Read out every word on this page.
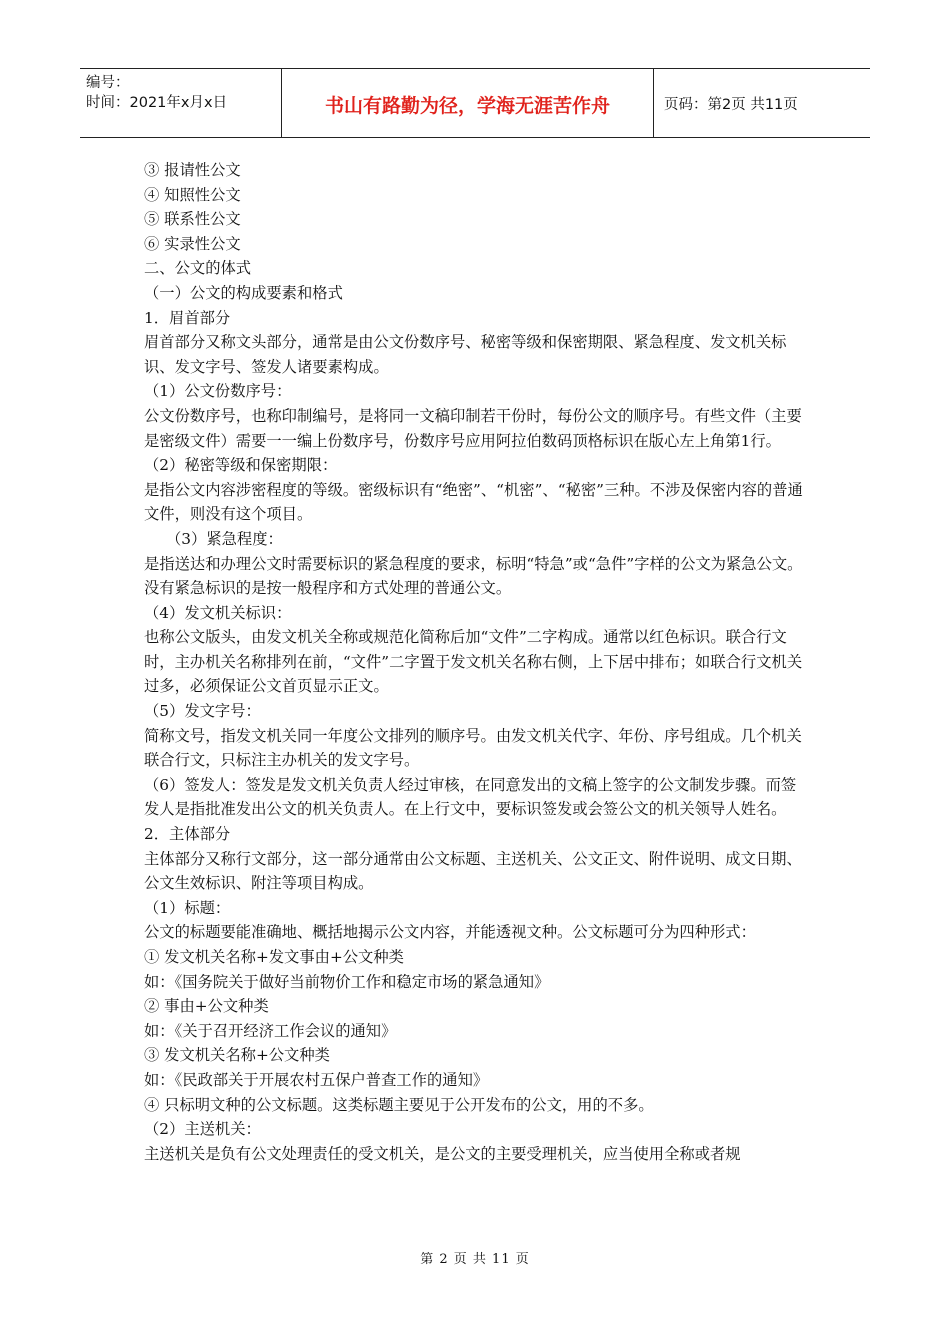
编号：
时间：2021年x月x日	书山有路勤为径，学海无涯苦作舟	页码：第2页 共11页

③ 报请性公文

④ 知照性公文

⑤ 联系性公文

⑥ 实录性公文

二、公文的体式

（一）公文的构成要素和格式

1．眉首部分

眉首部分又称文头部分，通常是由公文份数序号、秘密等级和保密期限、紧急程度、发文机关标识、发文字号、签发人诸要素构成。

（1）公文份数序号：

公文份数序号，也称印制编号，是将同一文稿印制若干份时，每份公文的顺序号。有些文件（主要是密级文件）需要一一编上份数序号，份数序号应用阿拉伯数码顶格标识在版心左上角第1行。

（2）秘密等级和保密期限：

是指公文内容涉密程度的等级。密级标识有“绝密”、“机密”、“秘密”三种。不涉及保密内容的普通文件，则没有这个项目。

（3）紧急程度：

是指送达和办理公文时需要标识的紧急程度的要求，标明“特急”或“急件”字样的公文为紧急公文。没有紧急标识的是按一般程序和方式处理的普通公文。

（4）发文机关标识：

也称公文版头，由发文机关全称或规范化简称后加“文件”二字构成。通常以红色标识。联合行文时，主办机关名称排列在前，“文件”二字置于发文机关名称右侧，上下居中排布；如联合行文机关过多，必须保证公文首页显示正文。

（5）发文字号：

简称文号，指发文机关同一年度公文排列的顺序号。由发文机关代字、年份、序号组成。几个机关联合行文，只标注主办机关的发文字号。

（6）签发人：签发是发文机关负责人经过审核，在同意发出的文稿上签字的公文制发步骤。而签发人是指批准发出公文的机关负责人。在上行文中，要标识签发或会签公文的机关领导人姓名。

2．主体部分

主体部分又称行文部分，这一部分通常由公文标题、主送机关、公文正文、附件说明、成文日期、公文生效标识、附注等项目构成。

（1）标题：

公文的标题要能准确地、概括地揭示公文内容，并能透视文种。公文标题可分为四种形式：

① 发文机关名称+发文事由+公文种类

如：《国务院关于做好当前物价工作和稳定市场的紧急通知》

② 事由+公文种类

如：《关于召开经济工作会议的通知》

③ 发文机关名称+公文种类

如：《民政部关于开展农村五保户普查工作的通知》

④ 只标明文种的公文标题。这类标题主要见于公开发布的公文，用的不多。

（2）主送机关：

主送机关是负有公文处理责任的受文机关，是公文的主要受理机关，应当使用全称或者规

第 2 页 共 11 页
